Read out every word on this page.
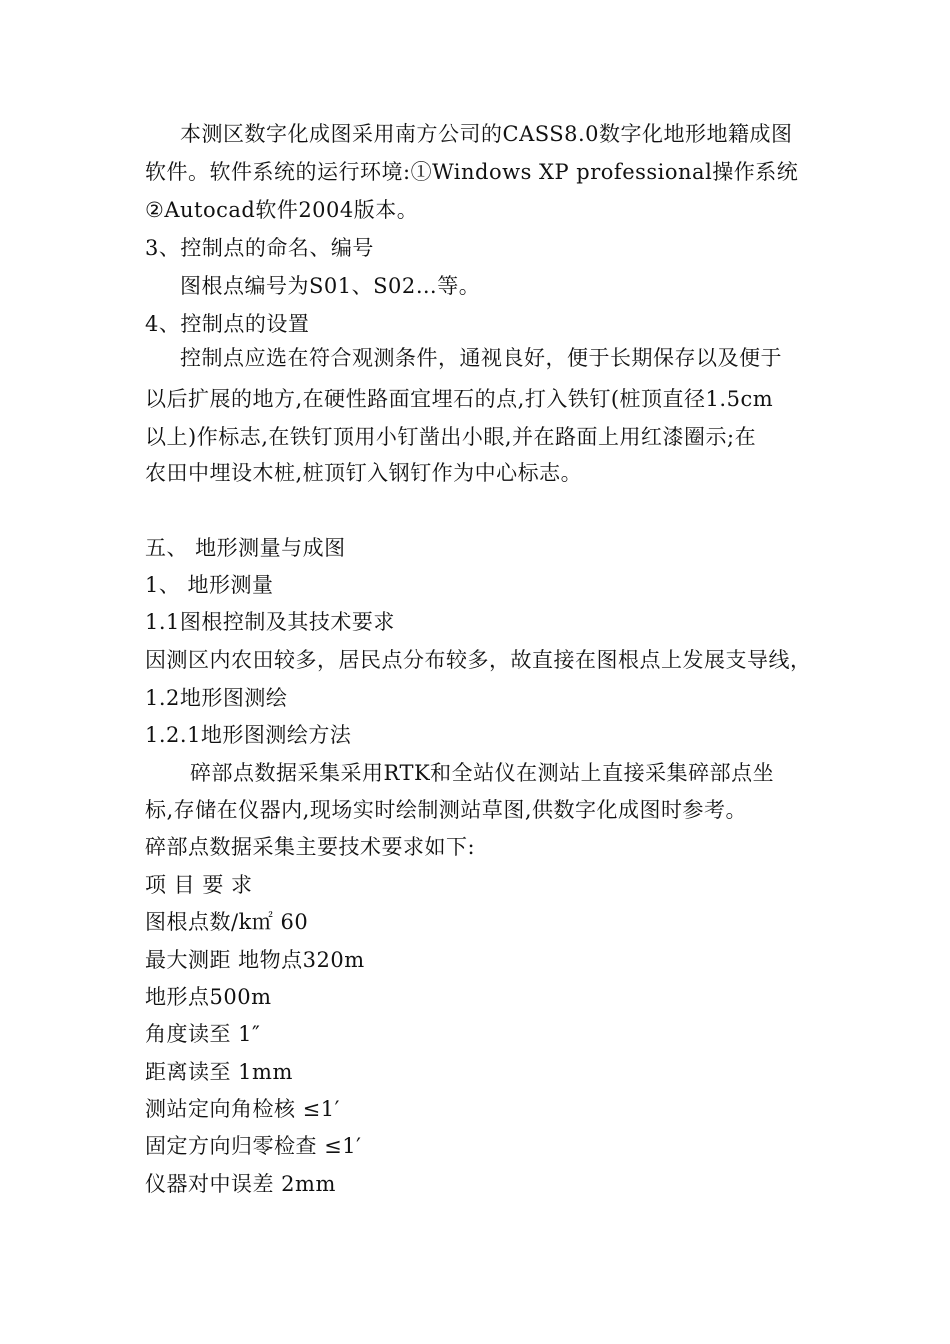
本测区数字化成图采用南方公司的CASS8.0数字化地形地籍成图
软件。软件系统的运行环境:①Windows XP professional操作系统
②Autocad软件2004版本。
3、控制点的命名、编号
图根点编号为S01、S02…等。
4、控制点的设置
控制点应选在符合观测条件，通视良好，便于长期保存以及便于
以后扩展的地方,在硬性路面宜埋石的点,打入铁钉(桩顶直径1.5cm
以上)作标志,在铁钉顶用小钉凿出小眼,并在路面上用红漆圈示;在
农田中埋设木桩,桩顶钉入钢钉作为中心标志。
五、 地形测量与成图
1、 地形测量
1.1图根控制及其技术要求
因测区内农田较多，居民点分布较多，故直接在图根点上发展支导线，
1.2地形图测绘
1.2.1地形图测绘方法
碎部点数据采集采用RTK和全站仪在测站上直接采集碎部点坐
标,存储在仪器内,现场实时绘制测站草图,供数字化成图时参考。
碎部点数据采集主要技术要求如下:
项 目 要 求
图根点数/k㎡ 60
最大测距 地物点320m
地形点500m
角度读至 1″
距离读至 1mm
测站定向角检核 ≤1′
固定方向归零检查 ≤1′
仪器对中误差 2mm
